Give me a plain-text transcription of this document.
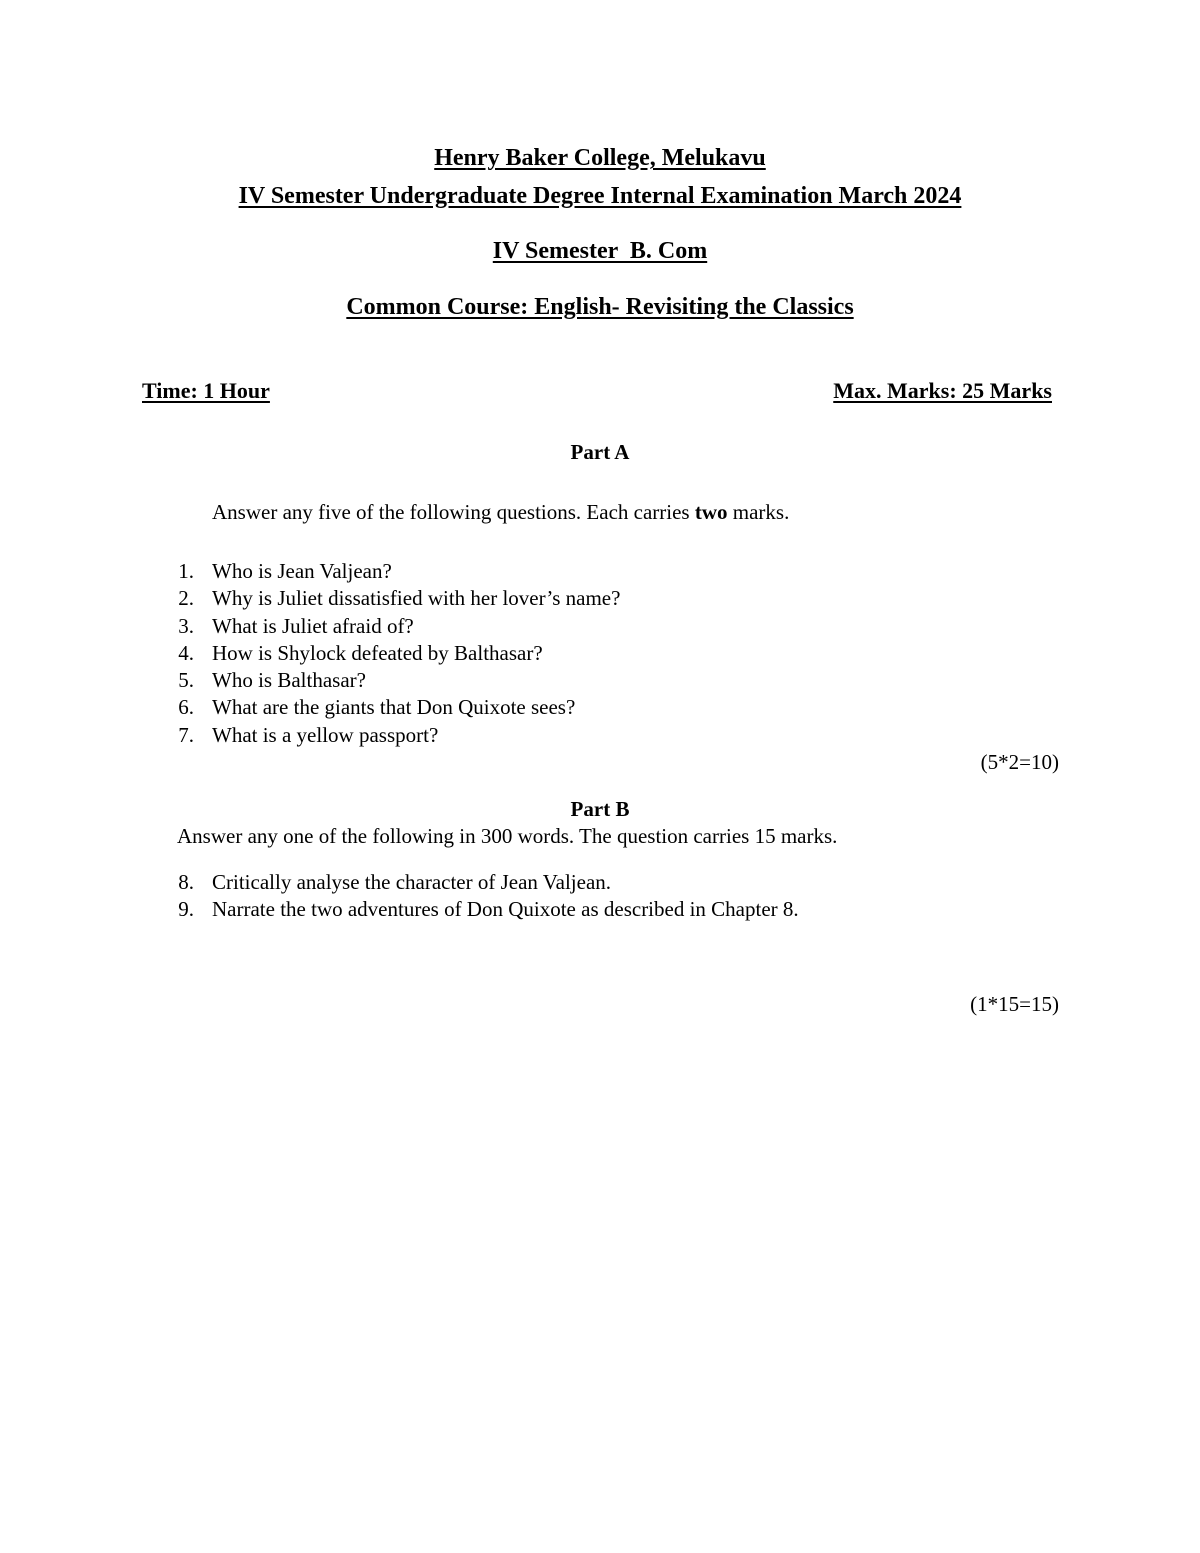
Henry Baker College, Melukavu
IV Semester Undergraduate Degree Internal Examination March 2024
IV Semester  B. Com
Common Course: English- Revisiting the Classics
Time: 1 Hour	Max. Marks: 25 Marks
Part A
Answer any five of the following questions. Each carries two marks.
1. Who is Jean Valjean?
2. Why is Juliet dissatisfied with her lover’s name?
3. What is Juliet afraid of?
4. How is Shylock defeated by Balthasar?
5. Who is Balthasar?
6. What are the giants that Don Quixote sees?
7. What is a yellow passport?
(5*2=10)
Part B
Answer any one of the following in 300 words. The question carries 15 marks.
8. Critically analyse the character of Jean Valjean.
9. Narrate the two adventures of Don Quixote as described in Chapter 8.
(1*15=15)
